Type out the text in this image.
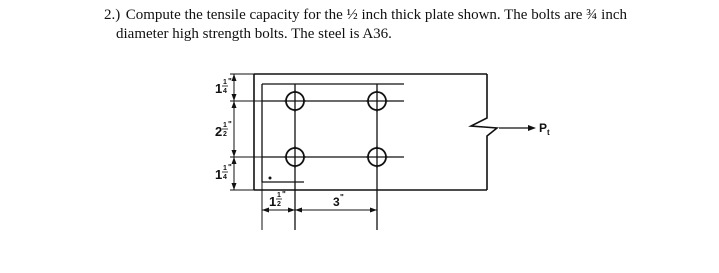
2.) Compute the tensile capacity for the ½ inch thick plate shown. The bolts are ¾ inch
diameter high strength bolts. The steel is A36.
1 1
4
"
2 1
2
"
1 1
4
"
1 1
2
"
3 "
P t
